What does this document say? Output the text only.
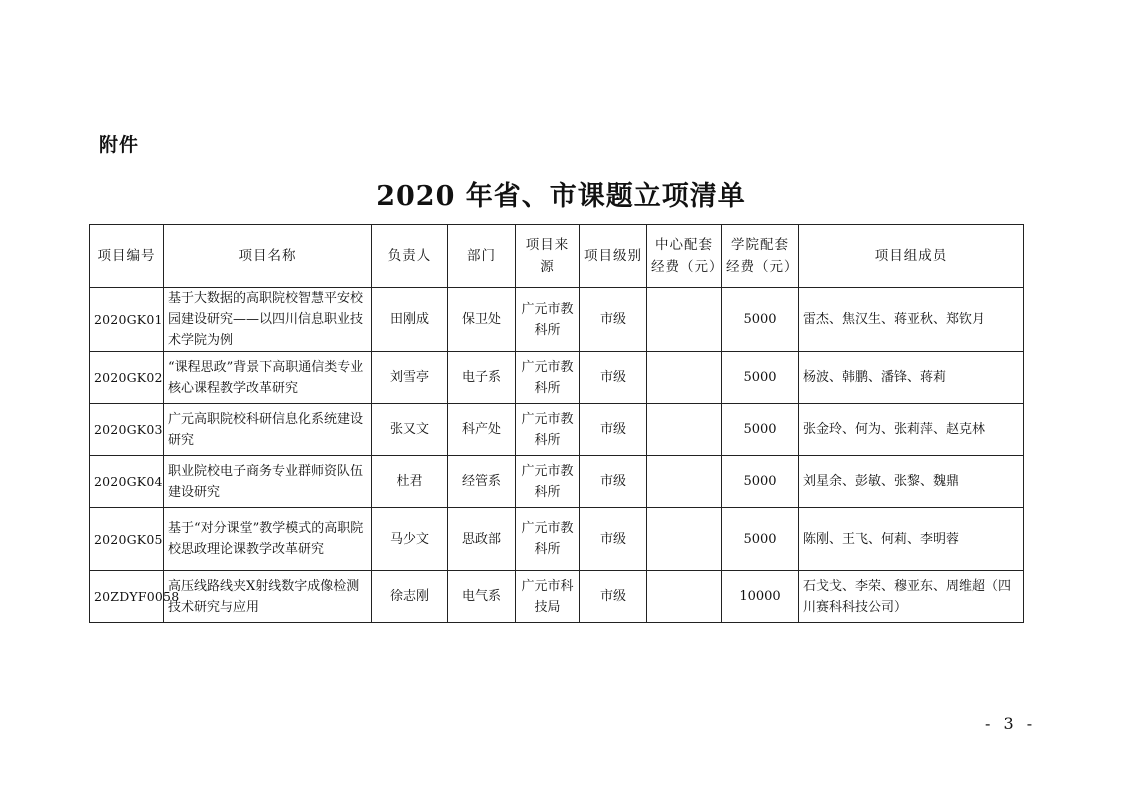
附件
2020 年省、市课题立项清单
项目编号	项目名称	负责人	部门	项目来源	项目级别	中心配套经费（元）	学院配套经费（元）	项目组成员
2020GK01	基于大数据的高职院校智慧平安校园建设研究——以四川信息职业技术学院为例	田刚成	保卫处	广元市教科所	市级		5000	雷杰、焦汉生、蒋亚秋、郑钦月
2020GK02	“课程思政”背景下高职通信类专业核心课程教学改革研究	刘雪亭	电子系	广元市教科所	市级		5000	杨波、韩鹏、潘锋、蒋莉
2020GK03	广元高职院校科研信息化系统建设研究	张又文	科产处	广元市教科所	市级		5000	张金玲、何为、张莉萍、赵克林
2020GK04	职业院校电子商务专业群师资队伍建设研究	杜君	经管系	广元市教科所	市级		5000	刘星余、彭敏、张黎、魏鼎
2020GK05	基于“对分课堂”教学模式的高职院校思政理论课教学改革研究	马少文	思政部	广元市教科所	市级		5000	陈刚、王飞、何莉、李明蓉
20ZDYF0058	高压线路线夹X射线数字成像检测技术研究与应用	徐志刚	电气系	广元市科技局	市级		10000	石戈戈、李荣、穆亚东、周维超（四川赛科科技公司）
- 3 -
